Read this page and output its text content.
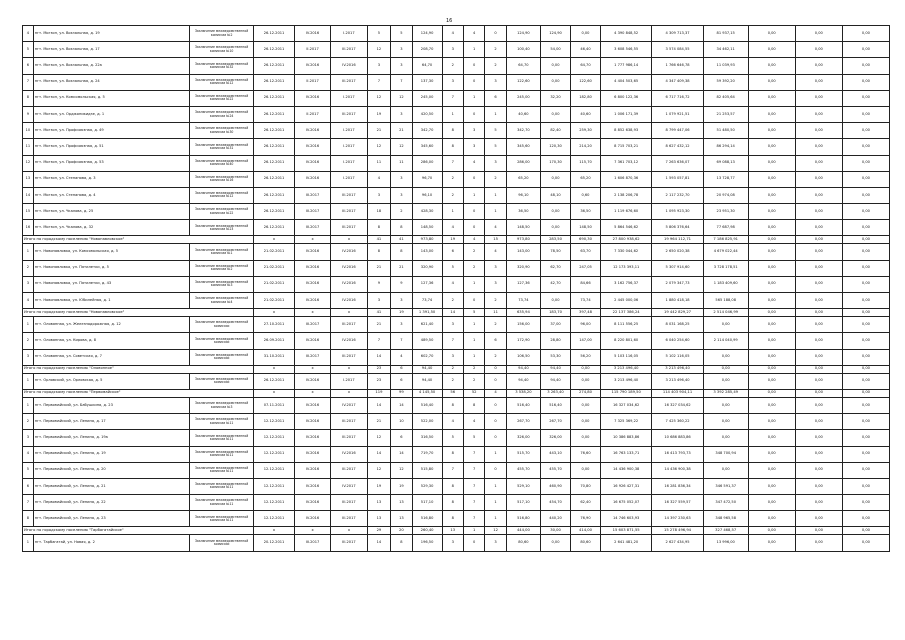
16
4	пгт. Могзон, ул. Вокзальная, д. 19	Заключение межведомственной комиссии №2	26.12.2011	IV.2016	I.2017	5	5	124,90	4	4	0	124,90	124,90	0,00	4 390 848,52	4 309 713,37	81 937,15	0,00	0,00	0,00
5	пгт. Могзон, ул. Вокзальная, д. 17	Заключение межведомственной комиссии №10	26.12.2011	II.2017	III.2017	12	3	208,70	3	1	2	100,40	54,00	46,40	3 608 546,55	3 574 084,55	34 462,11	0,00	0,00	0,00
6	пгт. Могзон, ул. Вокзальная, д. 22а	Заключение межведомственной комиссии №32	26.12.2011	IV.2016	IV.2016	3	3	64,70	2	0	2	64,70	0,00	64,70	1 777 986,14	1 766 646,78	11 039,93	0,00	0,00	0,00
7	пгт. Могзон, ул. Вокзальная, д. 24	Заключение межведомственной комиссии №12	26.12.2011	II.2017	III.2017	7	7	137,30	3	0	3	122,60	0,00	122,60	4 404 503,65	4 347 409,38	59 392,20	0,00	0,00	0,00
8	пгт. Могзон, ул. Комсомольская, д. 5	Заключение межведомственной комиссии №22	26.12.2011	IV.2016	I.2017	12	12	245,00	7	1	6	245,00	32,20	182,80	6 800 122,36	6 717 716,72	82 405,64	0,00	0,00	0,00
9	пгт. Могзон, ул. Орджоникидзе, д. 1	Заключение межведомственной комиссии №24	26.12.2011	II.2017	III.2017	19	3	420,50	1	0	1	40,60	0,00	40,60	1 006 171,39	1 079 921,51	21 253,57	0,00	0,00	0,00
10	пгт. Могзон, ул. Профсоюзная, д. 49	Заключение межведомственной комиссии №30	26.12.2011	IV.2016	I.2017	21	21	342,70	8	3	5	342,70	82,40	259,30	8 852 638,93	8 799 447,06	51 480,50	0,00	0,00	0,00
11	пгт. Могзон, ул. Профсоюзная, д. 51	Заключение межведомственной комиссии №31	26.12.2011	IV.2016	I.2017	12	12	345,60	8	3	5	345,60	120,30	214,20	8 715 703,21	8 627 432,12	86 294,14	0,00	0,00	0,00
12	пгт. Могзон, ул. Профсоюзная, д. 53	Заключение межведомственной комиссии №40	26.12.2011	IV.2016	I.2017	11	11	286,00	7	4	3	286,00	170,30	115,70	7 361 703,12	7 263 636,07	69 088,13	0,00	0,00	0,00
13	пгт. Могзон, ул. Степанова, д. 3	Заключение межведомственной комиссии №16	26.12.2011	IV.2016	I.2017	4	3	96,70	2	0	2	65,20	0,00	65,20	1 606 870,36	1 593 057,81	13 728,77	0,00	0,00	0,00
14	пгт. Могзон, ул. Степанова, д. 4	Заключение межведомственной комиссии №12	26.12.2011	III.2017	III.2017	3	3	96,10	2	1	1	96,10	48,10	0,60	2 138 206,78	2 117 232,70	20 974,08	0,00	0,00	0,00
15	пгт. Могзон, ул. Чкалова, д. 25	Заключение межведомственной комиссии №22	26.12.2011	III.2017	III.2017	18	2	428,30	1	0	1	36,50	0,00	36,50	1 119 676,60	1 095 923,30	23 951,30	0,00	0,00	0,00
16	пгт. Могзон, ул. Чкалова, д. 32	Заключение межведомственной комиссии №23	26.12.2011	III.2017	III.2017	8	8	148,50	4	0	4	148,50	0,00	148,50	5 864 546,62	5 806 376,64	77 687,98	0,00	0,00	0,00
Итого по городскому поселению "Новопавловское"			x	x	x	41	41	973,80	19	4	15	973,80	283,50	690,30	27 800 938,62	19 964 112,71	7 186 825,91	0,00	0,00	0,00
1	пгт. Новопавловка, ул. Комсомольская, д. 5	Заключение межведомственной комиссии №1	21.02.2011	IV.2016	IV.2016	8	8	143,00	6	2	4	143,00	78,50	63,70	7 330 044,62	2 650 020,38	4 679 022,44	0,00	0,00	0,00
2	пгт. Новопавловка, ул. Пятилетки, д. 5	Заключение межведомственной комиссии №2	21.02.2011	IV.2016	IV.2016	21	21	320,90	5	2	3	320,90	62,70	247,05	12 173 393,11	5 307 914,60	3 728 178,51	0,00	0,00	0,00
3	пгт. Новопавловка, ул. Пятилетки, д. 43	Заключение межведомственной комиссии №3	21.02.2011	IV.2016	IV.2016	9	9	127,36	4	1	3	127,36	42,70	84,66	3 162 756,37	2 079 347,73	1 183 409,60	0,00	0,00	0,00
4	пгт. Новопавловка, ул. Юбилейная, д. 1	Заключение межведомственной комиссии №4	21.02.2011	IV.2016	IV.2016	3	3	73,74	2	0	2	73,74	0,00	73,74	2 445 000,06	1 880 418,18	565 188,08	0,00	0,00	0,00
Итого по городскому поселению "Новопавловское"			x	x	x	41	19	1 391,50	14	5	11	635,94	183,70	397,48	22 137 386,24	19 442 829,27	2 514 046,99	0,00	0,00	0,00
1	пгт. Оловянная, ул. Железнодорожная, д. 12	Заключение межведомственной комиссии	27.10.2011	III.2017	III.2017	21	3	621,40	3	1	2	156,00	37,00	96,00	8 111 556,25	8 031 168,25	0,00	0,00	0,00	0,00
2	пгт. Оловянная, ул. Кирова, д. 8	Заключение межведомственной комиссии	26.09.2011	IV.2016	IV.2016	7	7	489,50	7	1	6	172,90	28,80	147,00	8 220 801,60	6 040 254,60	2 114 040,99	0,00	0,00	0,00
3	пгт. Оловянная, ул. Советская, д. 7	Заключение межведомственной комиссии	31.10.2011	III.2017	III.2017	14	4	602,70	3	1	2	106,50	53,30	56,20	5 103 116,05	5 102 116,05	0,00	0,00	0,00	0,00
Итого по городскому поселению "Оловянное"			x	x	x	23	6	94,40	2	2	0	94,40	94,40	0,00	3 213 496,40	3 213 496,40	0,00	0,00	0,00	0,00
1	пгт. Орловский, ул. Орловская, д. 5	Заключение межведомственной комиссии	26.12.2011	IV.2016	I.2017	23	6	94,40	2	2	0	94,40	94,40	0,00	3 213 496,40	3 213 496,40	0,00	0,00	0,00	0,00
Итого по городскому поселению "Первомайское"			x	x	x	119	99	4 145,50	56	52	4	3 538,20	3 263,40	274,80	115 790 189,50	114 403 904,11	3 392 285,49	0,00	0,00	0,00
1	пгт. Первомайский, ул. Бабушкина, д. 23	Заключение межведомственной комиссии №3	07.11.2011	IV.2016	IV.2017	14	14	516,40	8	8	0	516,40	516,40	0,00	16 327 034,62	16 327 034,62	0,00	0,00	0,00	0,00
2	пгт. Первомайский, ул. Ленина, д. 17	Заключение межведомственной комиссии №11	12.12.2011	IV.2016	III.2017	21	10	522,00	4	4	0	267,70	267,70	0,00	7 325 369,22	7 425 360,22	0,00	0,00	0,00	0,00
3	пгт. Первомайский, ул. Ленина, д. 19а	Заключение межведомственной комиссии №11	12.12.2011	IV.2016	III.2017	12	6	316,50	5	5	0	326,00	326,00	0,00	10 386 883,86	10 686 883,86	0,00	0,00	0,00	0,00
4	пгт. Первомайский, ул. Ленина, д. 19	Заключение межведомственной комиссии №11	12.12.2011	IV.2016	IV.2016	14	14	719,70	8	7	1	515,70	443,10	76,60	16 763 133,71	16 413 793,73	348 700,94	0,00	0,00	0,00
5	пгт. Первомайский, ул. Ленина, д. 20	Заключение межведомственной комиссии №11	12.12.2011	IV.2016	III.2017	12	12	515,80	7	7	0	455,70	455,70	0,00	14 436 900,38	14 436 900,38	0,00	0,00	0,00	0,00
6	пгт. Первомайский, ул. Ленина, д. 21	Заключение межведомственной комиссии №11	12.12.2011	IV.2016	IV.2017	19	19	529,30	8	7	1	529,10	460,90	70,80	16 926 427,31	16 281 836,34	346 591,37	0,00	0,00	0,00
7	пгт. Первомайский, ул. Ленина, д. 22	Заключение межведомственной комиссии №11	12.12.2011	IV.2016	III.2017	13	13	517,10	8	7	1	517,10	454,70	62,40	16 675 052,07	16 327 559,57	347 472,50	0,00	0,00	0,00
8	пгт. Первомайский, ул. Ленина, д. 23	Заключение межведомственной комиссии №11	12.12.2011	IV.2016	III.2017	13	13	516,80	8	7	1	516,80	440,20	76,90	14 746 603,93	14 397 230,63	348 965,58	0,00	0,00	0,00
Итого по городскому поселению "Тарбагатайское"			x	x	x	29	20	260,40	13	1	12	444,00	30,00	414,00	15 603 871,55	15 278 496,94	327 468,57	0,00	0,00	0,00
1	пгт. Тарбагатай, ул. Новая, д. 2	Заключение межведомственной комиссии	20.12.2011	III.2017	III.2017	14	8	196,50	3	0	3	80,60	0,00	80,60	2 641 481,20	2 627 434,95	13 996,00	0,00	0,00	0,00
